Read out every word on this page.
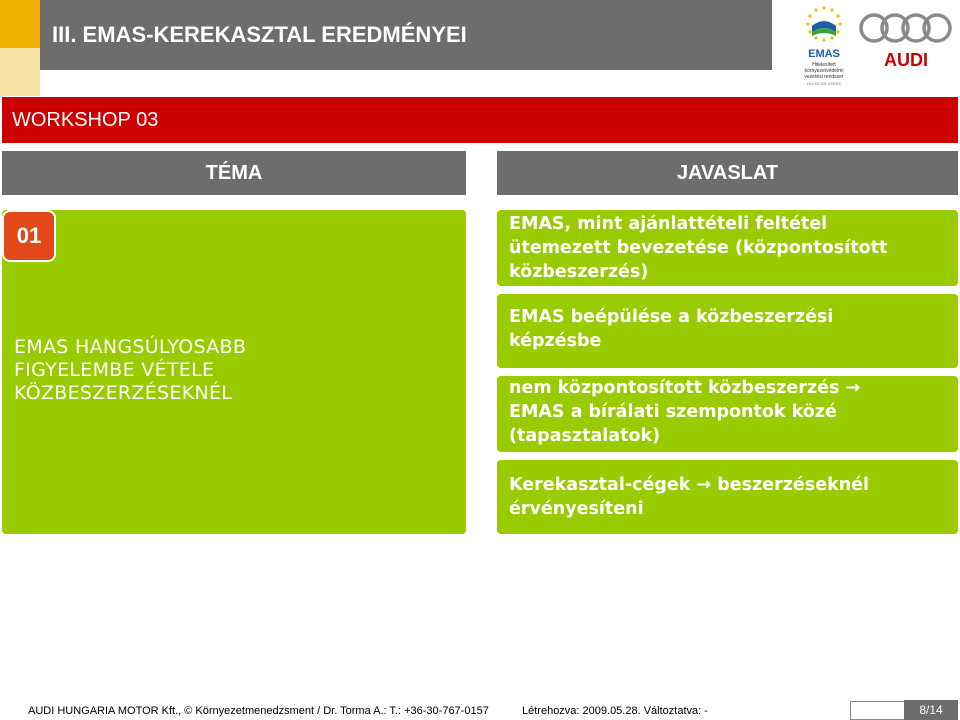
III. EMAS-KEREKASZTAL EREDMÉNYEI
EMAS
Hitelesített
környezetvédelmi
vezetési rendszer
HU-XX-XX-XXXXX
AUDI
WORKSHOP 03
TÉMA	JAVASLAT
01
EMAS HANGSÚLYOSABB
FIGYELEMBE VÉTELE
KÖZBESZERZÉSEKNÉL
EMAS, mint ajánlattételi feltétel
ütemezett bevezetése (központosított
közbeszerzés)
EMAS beépülése a közbeszerzési
képzésbe
nem központosított közbeszerzés →
EMAS a bírálati szempontok közé
(tapasztalatok)
Kerekasztal-cégek → beszerzéseknél
érvényesíteni
AUDI HUNGARIA MOTOR Kft., © Környezetmenedzsment / Dr. Torma A.: T.: +36-30-767-0157	Létrehozva: 2009.05.28. Változtatva: -	8/14
